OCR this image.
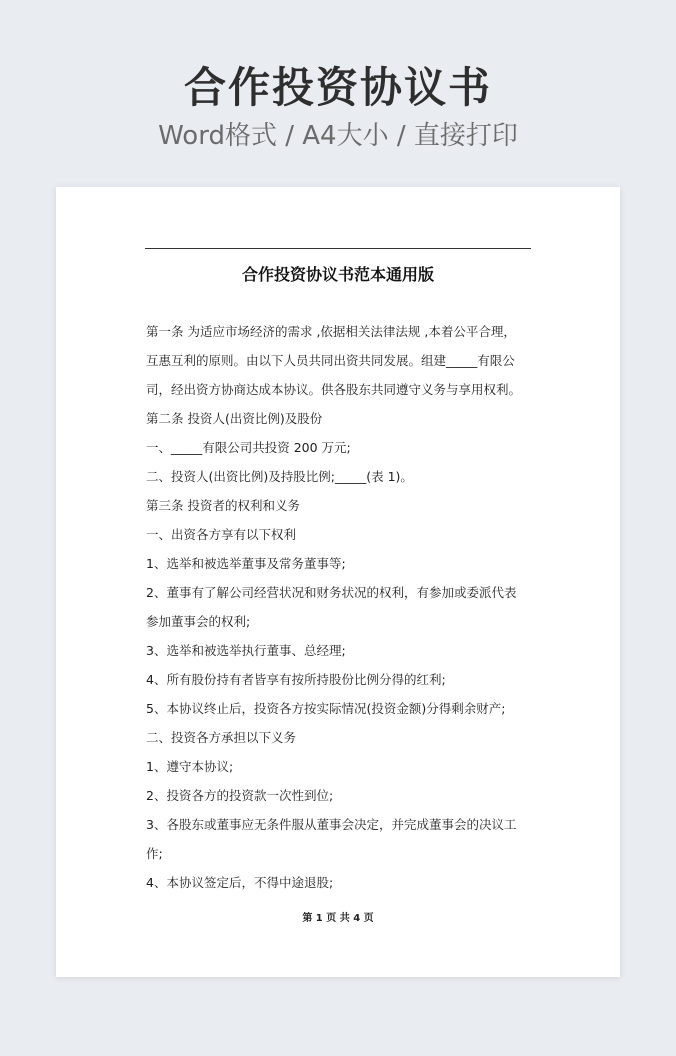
合作投资协议书
Word格式 / A4大小 / 直接打印
合作投资协议书范本通用版
第一条 为适应市场经济的需求 ,依据相关法律法规 ,本着公平合理，
互惠互利的原则。由以下人员共同出资共同发展。组建_____有限公
司，经出资方协商达成本协议。供各股东共同遵守义务与享用权利。
第二条 投资人(出资比例)及股份
一、_____有限公司共投资 200 万元;
二、投资人(出资比例)及持股比例;_____(表 1)。
第三条 投资者的权利和义务
一、出资各方享有以下权利
1、选举和被选举董事及常务董事等;
2、董事有了解公司经营状况和财务状况的权利，有参加或委派代表
参加董事会的权利;
3、选举和被选举执行董事、总经理;
4、所有股份持有者皆享有按所持股份比例分得的红利;
5、本协议终止后，投资各方按实际情况(投资金额)分得剩余财产;
二、投资各方承担以下义务
1、遵守本协议;
2、投资各方的投资款一次性到位;
3、各股东或董事应无条件服从董事会决定，并完成董事会的决议工
作;
4、本协议签定后，不得中途退股;
第 1 页 共 4 页
